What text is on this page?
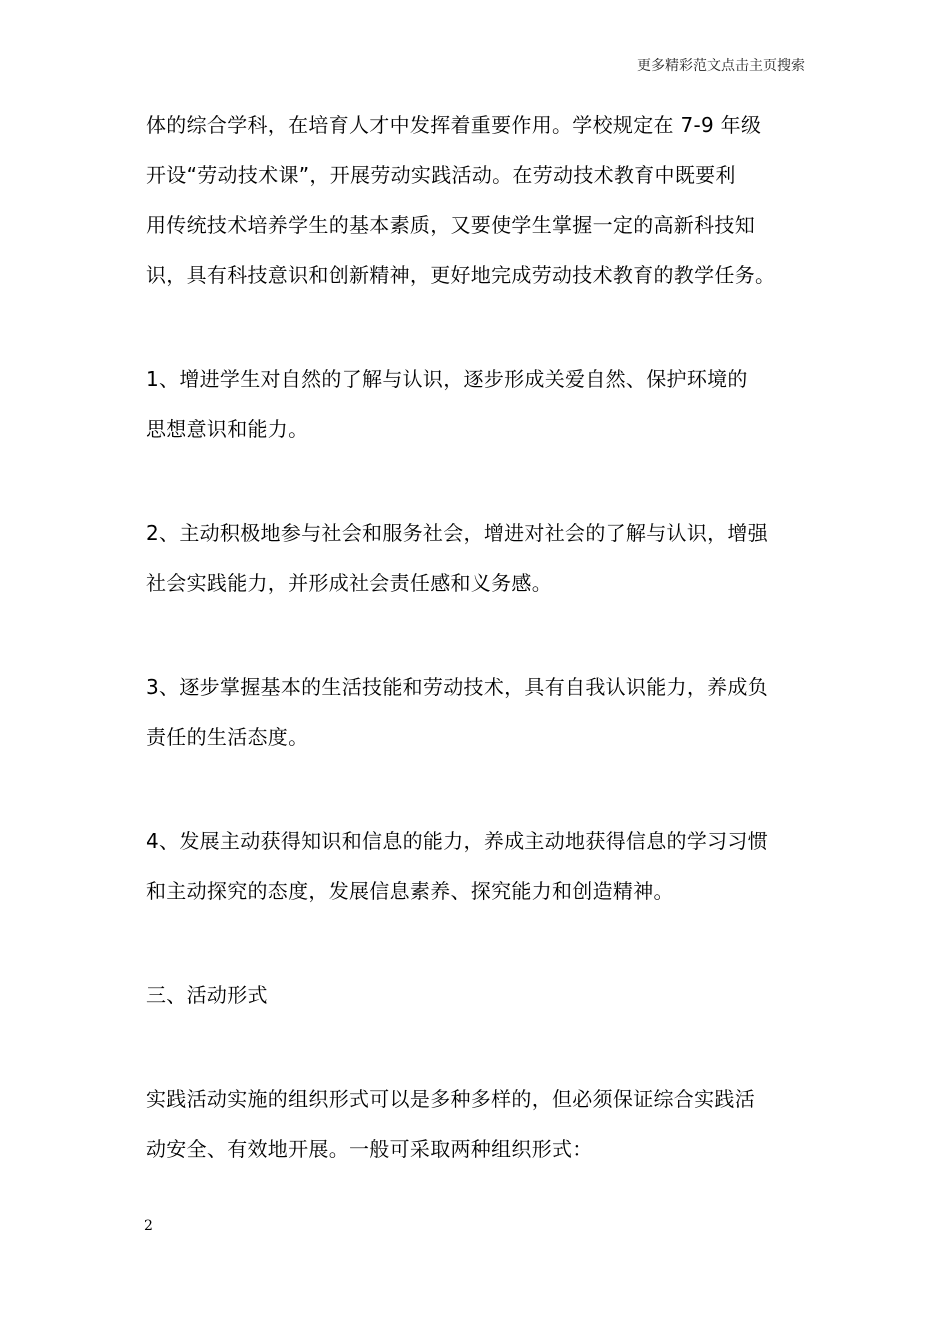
更多精彩范文点击主页搜索

体的综合学科，在培育人才中发挥着重要作用。学校规定在 7-9 年级
开设“劳动技术课”，开展劳动实践活动。在劳动技术教育中既要利
用传统技术培养学生的基本素质，又要使学生掌握一定的高新科技知
识，具有科技意识和创新精神，更好地完成劳动技术教育的教学任务。

1、增进学生对自然的了解与认识，逐步形成关爱自然、保护环境的
思想意识和能力。

2、主动积极地参与社会和服务社会，增进对社会的了解与认识，增强
社会实践能力，并形成社会责任感和义务感。

3、逐步掌握基本的生活技能和劳动技术，具有自我认识能力，养成负
责任的生活态度。

4、发展主动获得知识和信息的能力，养成主动地获得信息的学习习惯
和主动探究的态度，发展信息素养、探究能力和创造精神。

三、活动形式

实践活动实施的组织形式可以是多种多样的，但必须保证综合实践活
动安全、有效地开展。一般可采取两种组织形式：

2
